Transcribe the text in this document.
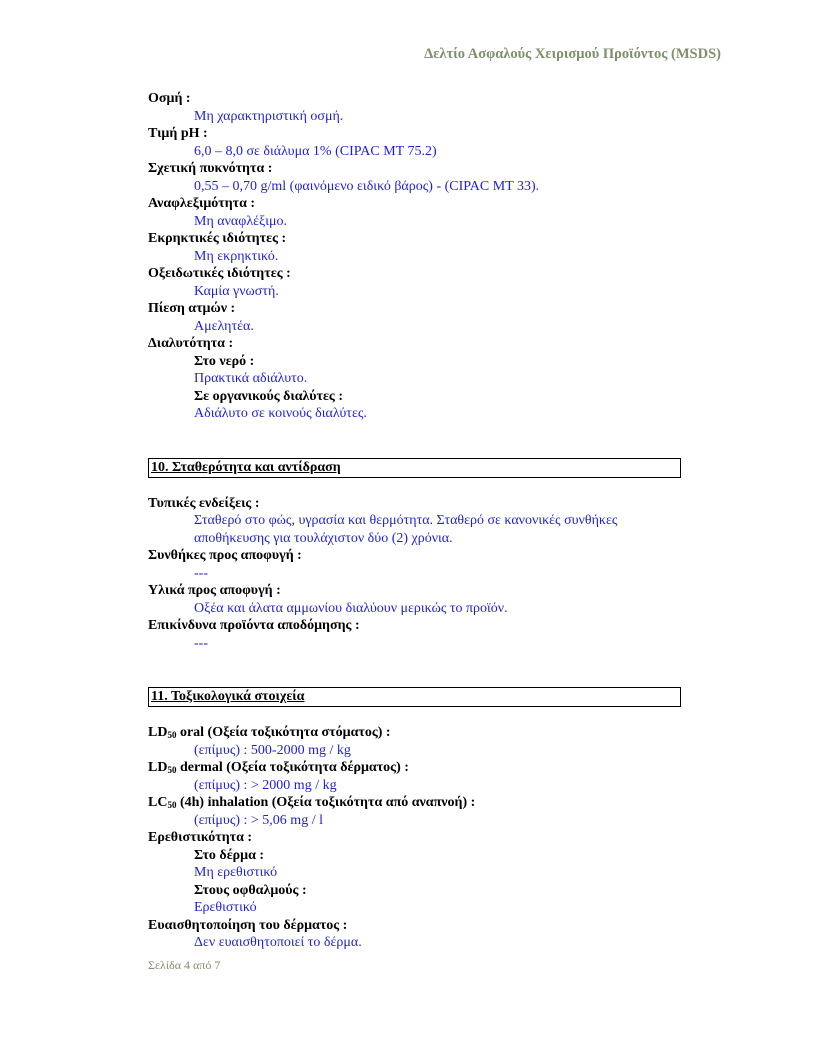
Δελτίο Ασφαλούς Χειρισμού Προϊόντος (MSDS)
Οσμή :
Μη χαρακτηριστική οσμή.
Τιμή pH :
6,0 – 8,0 σε διάλυμα 1% (CIPAC MT 75.2)
Σχετική πυκνότητα :
0,55 – 0,70 g/ml (φαινόμενο ειδικό βάρος) - (CIPAC MT 33).
Αναφλεξιμότητα :
Μη αναφλέξιμο.
Εκρηκτικές ιδιότητες :
Μη εκρηκτικό.
Οξειδωτικές ιδιότητες :
Καμία γνωστή.
Πίεση ατμών :
Αμελητέα.
Διαλυτότητα :
Στο νερό :
Πρακτικά αδιάλυτο.
Σε οργανικούς διαλύτες :
Αδιάλυτο σε κοινούς διαλύτες.
10. Σταθερότητα και αντίδραση
Τυπικές ενδείξεις :
Σταθερό στο φώς, υγρασία και θερμότητα. Σταθερό σε κανονικές συνθήκες
αποθήκευσης για τουλάχιστον δύο (2) χρόνια.
Συνθήκες προς αποφυγή :
---
Υλικά προς αποφυγή :
Οξέα και άλατα αμμωνίου διαλύουν μερικώς το προϊόν.
Επικίνδυνα προϊόντα αποδόμησης :
---
11. Τοξικολογικά στοιχεία
$LD_{50}$ oral (Οξεία τοξικότητα στόματος) :
(επίμυς) : 500-2000 mg / kg
$LD_{50}$ dermal (Οξεία τοξικότητα δέρματος) :
(επίμυς) : > 2000 mg / kg
$LC_{50}$ (4h) inhalation (Οξεία τοξικότητα από αναπνοή) :
(επίμυς) : > 5,06 mg / l
Ερεθιστικότητα :
Στο δέρμα :
Μη ερεθιστικό
Στους οφθαλμούς :
Ερεθιστικό
Ευαισθητοποίηση του δέρματος :
Δεν ευαισθητοποιεί το δέρμα.
Σελίδα 4 από 7
